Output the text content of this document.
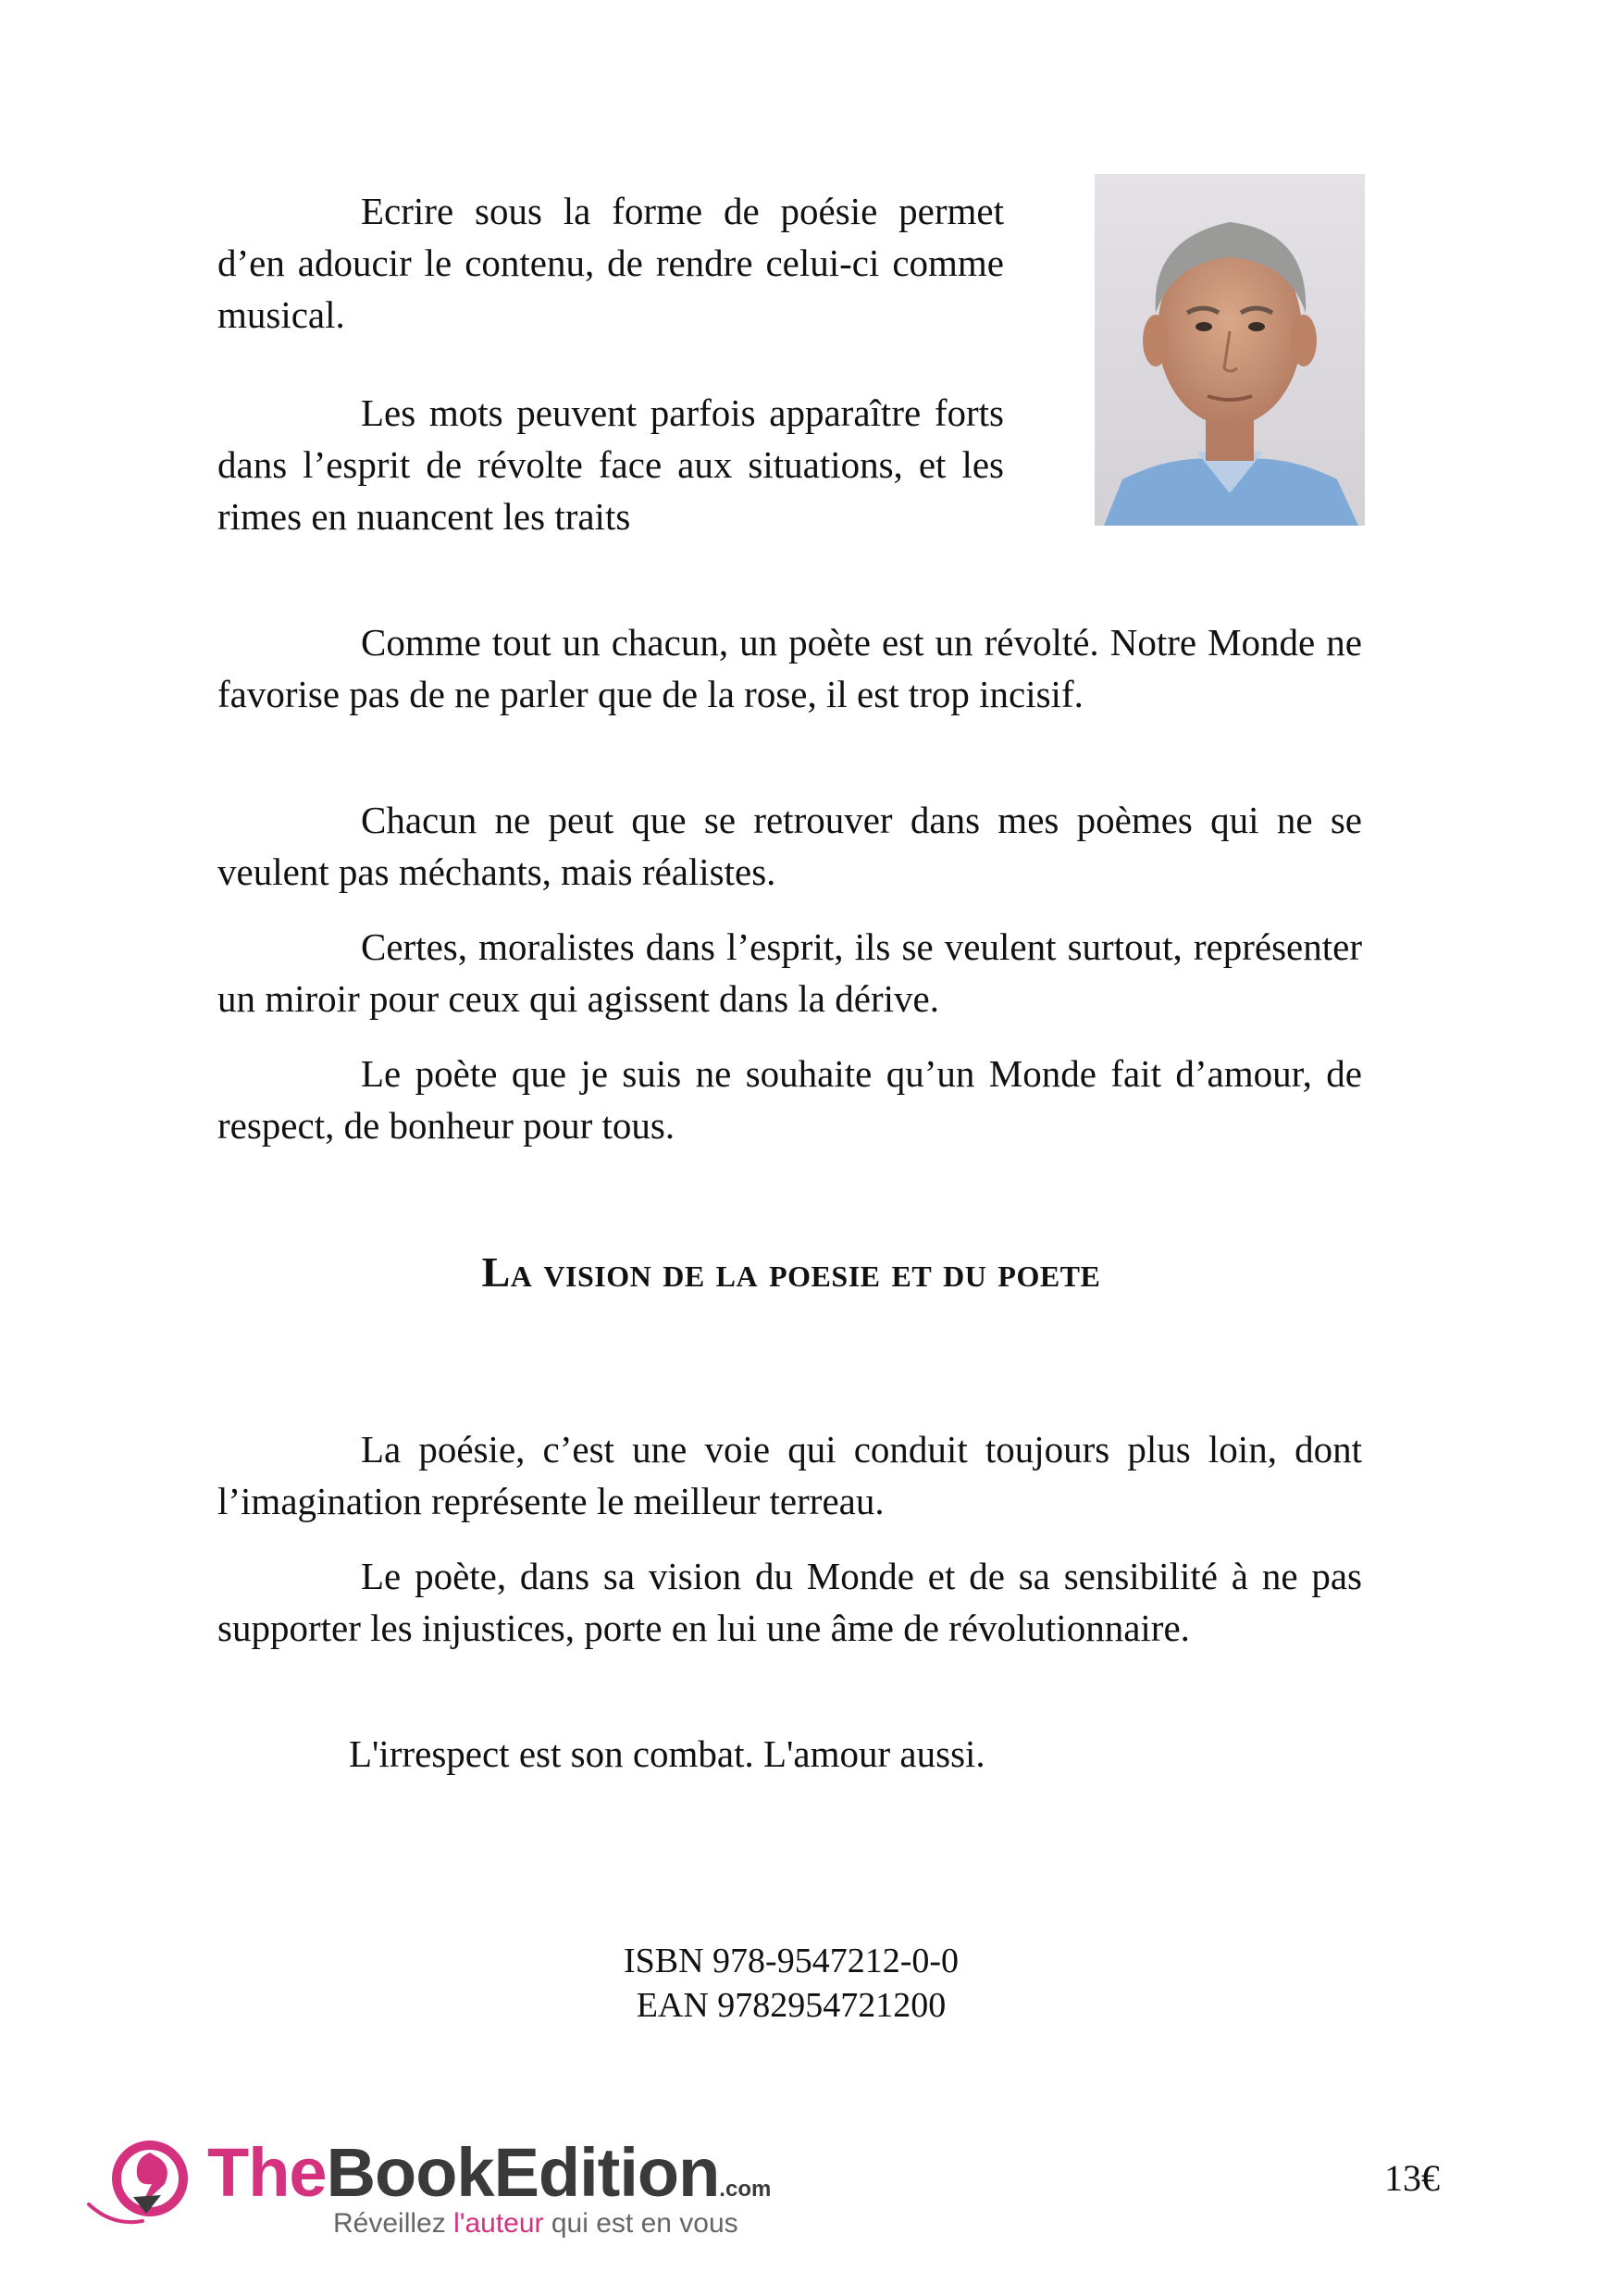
Ecrire sous la forme de poésie permet d’en adoucir le contenu, de rendre celui-ci comme musical.

Les mots peuvent parfois apparaître forts dans l’esprit de révolte face aux situations, et les rimes en nuancent les traits

Comme tout un chacun, un poète est un révolté. Notre Monde ne favorise pas de ne parler que de la rose, il est trop incisif.

Chacun ne peut que se retrouver dans mes poèmes qui ne se veulent pas méchants, mais réalistes.

Certes, moralistes dans l’esprit, ils se veulent surtout, représenter un miroir pour ceux qui agissent dans la dérive.

Le poète que je suis ne souhaite qu’un Monde fait d’amour, de respect, de bonheur pour tous.

La vision de la poesie et du poete

La poésie, c’est une voie qui conduit toujours plus loin, dont l’imagination représente le meilleur terreau.

Le poète, dans sa vision du Monde et de sa sensibilité à ne pas supporter les injustices, porte en lui une âme de révolutionnaire.

L'irrespect est son combat. L'amour aussi.

ISBN 978-9547212-0-0
EAN 9782954721200
TheBookEdition.com
Réveillez l'auteur qui est en vous
13€
